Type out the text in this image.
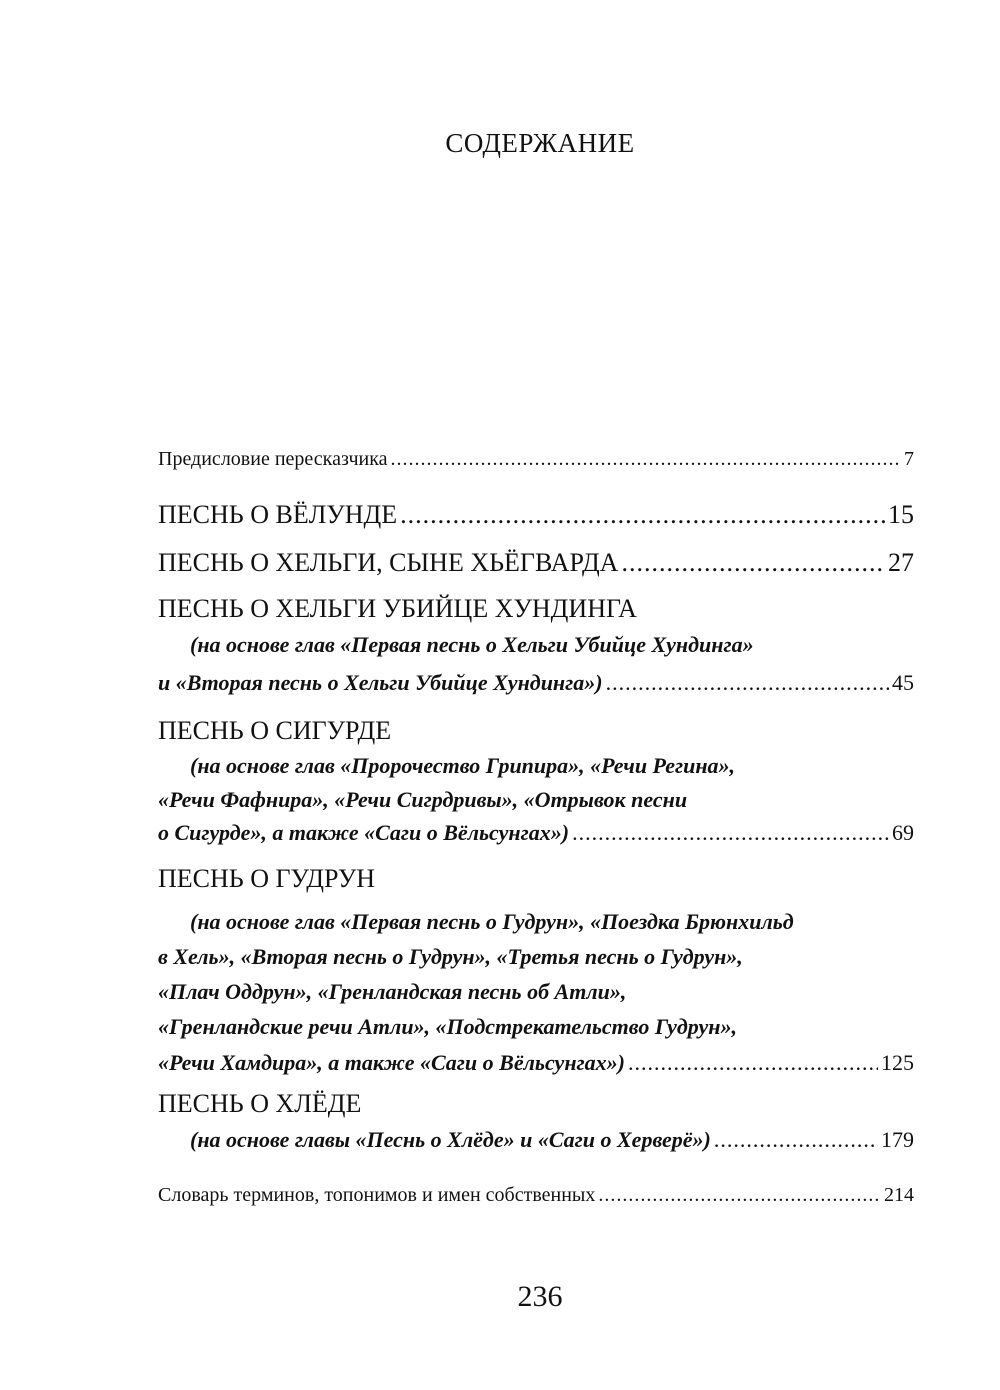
СОДЕРЖАНИЕ
Предисловие пересказчика .....	7
ПЕСНЬ О ВЁЛУНДЕ .....	15
ПЕСНЬ О ХЕЛЬГИ, СЫНЕ ХЬЁГВАРДА .....	27
ПЕСНЬ О ХЕЛЬГИ УБИЙЦЕ ХУНДИНГА
(на основе глав «Первая песнь о Хельги Убийце Хундинга»
и «Вторая песнь о Хельги Убийце Хундинга») .....	45
ПЕСНЬ О СИГУРДЕ
(на основе глав «Пророчество Грипира», «Речи Регина»,
«Речи Фафнира», «Речи Сигрдривы», «Отрывок песни
о Сигурде», а также «Саги о Вёльсунгах») .....	69
ПЕСНЬ О ГУДРУН
(на основе глав «Первая песнь о Гудрун», «Поездка Брюнхильд
в Хель», «Вторая песнь о Гудрун», «Третья песнь о Гудрун»,
«Плач Оддрун», «Гренландская песнь об Атли»,
«Гренландские речи Атли», «Подстрекательство Гудрун»,
«Речи Хамдира», а также «Саги о Вёльсунгах») .....	125
ПЕСНЬ О ХЛЁДЕ
(на основе главы «Песнь о Хлёде» и «Саги о Херверё») .....	179
Словарь терминов, топонимов и имен собственных .....	214
236
